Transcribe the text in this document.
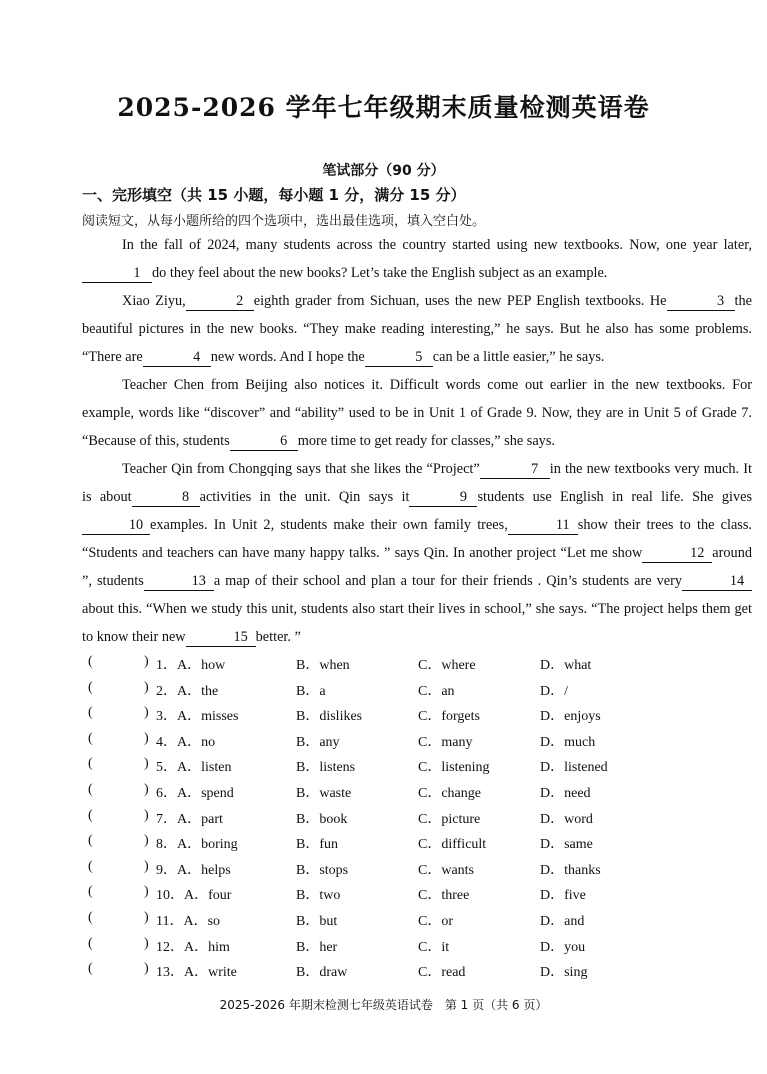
2025-2026 学年七年级期末质量检测英语卷
笔试部分（90 分）
一、完形填空（共 15 小题，每小题 1 分，满分 15 分）
阅读短文，从每小题所给的四个选项中，选出最佳选项，填入空白处。

In the fall of 2024, many students across the country started using new textbooks. Now, one year later, 1 do they feel about the new books? Let’s take the English subject as an example.

Xiao Ziyu,	2 eighth grader from Sichuan, uses the new PEP English textbooks. He	3 the beautiful pictures in the new books. “They make reading interesting,” he says. But he also has some problems. “There are	4 new words. And I hope the	5 can be a little easier,” he says.

Teacher Chen from Beijing also notices it. Difficult words come out earlier in the new textbooks. For example, words like “discover” and “ability” used to be in Unit 1 of Grade 9. Now, they are in Unit 5 of Grade 7. “Because of this, students	6 more time to get ready for classes,” she says.

Teacher Qin from Chongqing says that she likes the “Project”	7 in the new textbooks very much. It is about	8 activities in the unit. Qin says it	9 students use English in real life. She gives10 examples. In Unit 2, students make their own family trees,	11 show their trees to the class. “Students and teachers can have many happy talks. ” says Qin. In another project “Let me show	12 around ”, students	13 a map of their school and plan a tour for their friends . Qin’s students are very	14about this. “When we study this unit, students also start their lives in school,” she says. “The project helps them get to know their new	15 better. ”

(	) 1．A．how	B．when	C．where	D．what
(	) 2．A．the	B．a	C．an	D．/
(	) 3．A．misses	B．dislikes	C．forgets	D．enjoys
(	) 4．A．no	B．any	C．many	D．much
(	) 5．A．listen	B．listens	C．listening	D．listened
(	) 6．A．spend	B．waste	C．change	D．need
(	) 7．A．part	B．book	C．picture	D．word
(	) 8．A．boring	B．fun	C．difficult	D．same
(	) 9．A．helps	B．stops	C．wants	D．thanks
(	) 10．A．four	B．two	C．three	D．five
(	) 11．A．so	B．but	C．or	D．and
(	) 12．A．him	B．her	C．it	D．you
(	) 13．A．write	B．draw	C．read	D．sing
2025-2026 年期末检测七年级英语试卷　第 1 页（共 6 页）
